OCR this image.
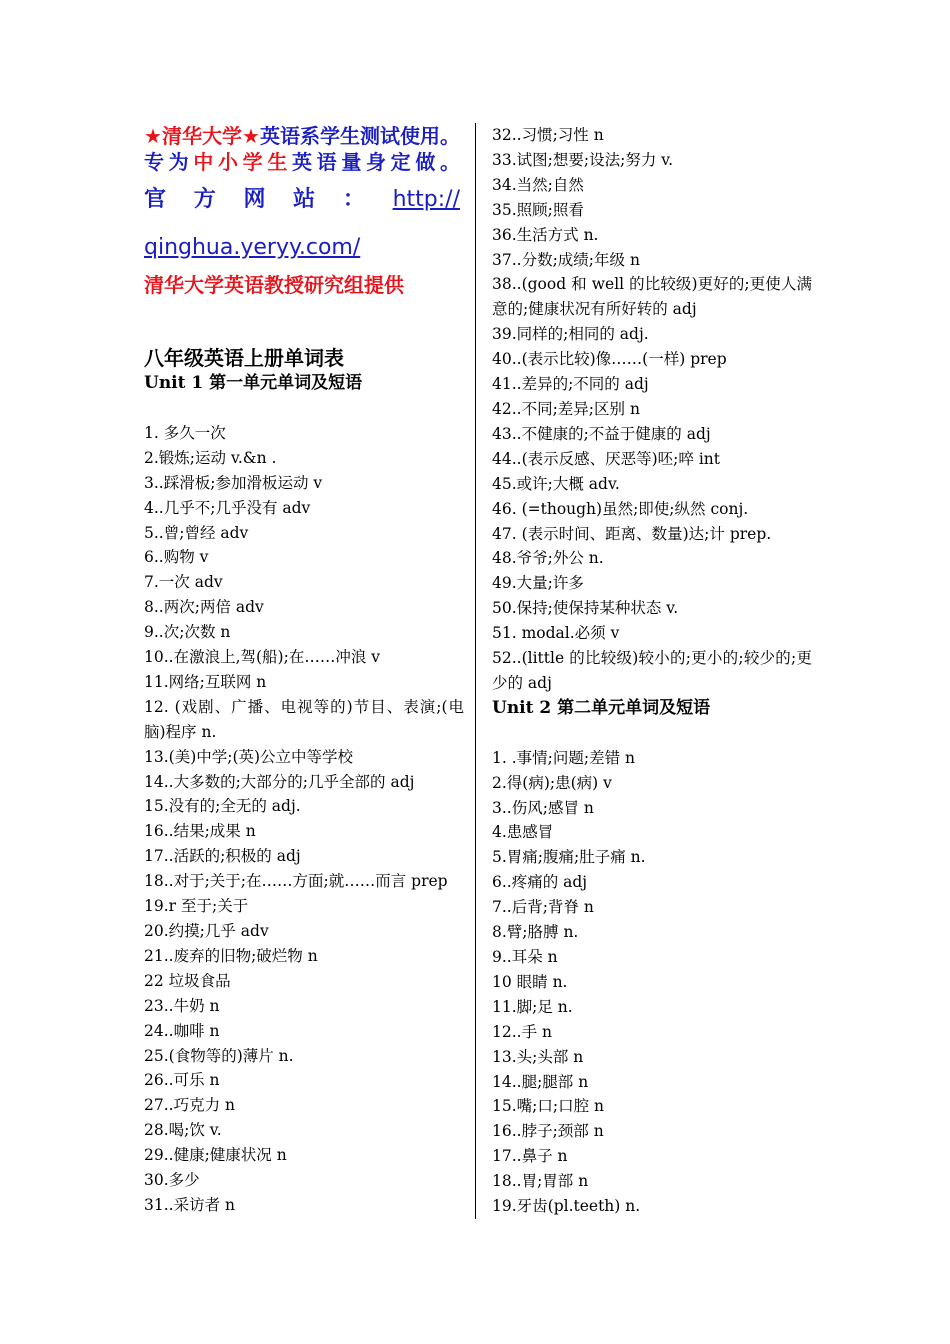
★清华大学★英语系学生测试使用。专为中小学生英语量身定做。
官 方 网 站 ： http://
qinghua.yeryy.com/
清华大学英语教授研究组提供
八年级英语上册单词表
Unit 1 第一单元单词及短语
1. 多久一次
2.锻炼;运动 v.&n .
3..踩滑板;参加滑板运动 v
4..几乎不;几乎没有 adv
5..曾;曾经 adv
6..购物 v
7.一次 adv
8..两次;两倍 adv
9..次;次数 n
10..在激浪上,驾(船);在……冲浪 v
11.网络;互联网 n
12. (戏剧、广播、电视等的)节目、表演;(电脑)程序 n.
13.(美)中学;(英)公立中等学校
14..大多数的;大部分的;几乎全部的 adj
15.没有的;全无的 adj.
16..结果;成果 n
17..活跃的;积极的 adj
18..对于;关于;在……方面;就……而言 prep
19.r 至于;关于
20.约摸;几乎 adv
21..废弃的旧物;破烂物 n
22 垃圾食品
23..牛奶 n
24..咖啡 n
25.(食物等的)薄片 n.
26..可乐 n
27..巧克力 n
28.喝;饮 v.
29..健康;健康状况 n
30.多少
31..采访者 n
32..习惯;习性 n
33.试图;想要;设法;努力 v.
34.当然;自然
35.照顾;照看
36.生活方式 n.
37..分数;成绩;年级 n
38..(good 和 well 的比较级)更好的;更使人满意的;健康状况有所好转的 adj
39.同样的;相同的 adj.
40..(表示比较)像……(一样) prep
41..差异的;不同的 adj
42..不同;差异;区别 n
43..不健康的;不益于健康的 adj
44..(表示反感、厌恶等)呸;啐 int
45.或许;大概 adv.
46. (=though)虽然;即使;纵然 conj.
47. (表示时间、距离、数量)达;计 prep.
48.爷爷;外公 n.
49.大量;许多
50.保持;使保持某种状态 v.
51. modal.必须 v
52..(little 的比较级)较小的;更小的;较少的;更少的 adj
Unit 2 第二单元单词及短语
1. .事情;问题;差错 n
2.得(病);患(病) v
3..伤风;感冒 n
4.患感冒
5.胃痛;腹痛;肚子痛 n.
6..疼痛的 adj
7..后背;背脊 n
8.臂;胳膊 n.
9..耳朵 n
10 眼睛 n.
11.脚;足 n.
12..手 n
13.头;头部 n
14..腿;腿部 n
15.嘴;口;口腔 n
16..脖子;颈部 n
17..鼻子 n
18..胃;胃部 n
19.牙齿(pl.teeth) n.
